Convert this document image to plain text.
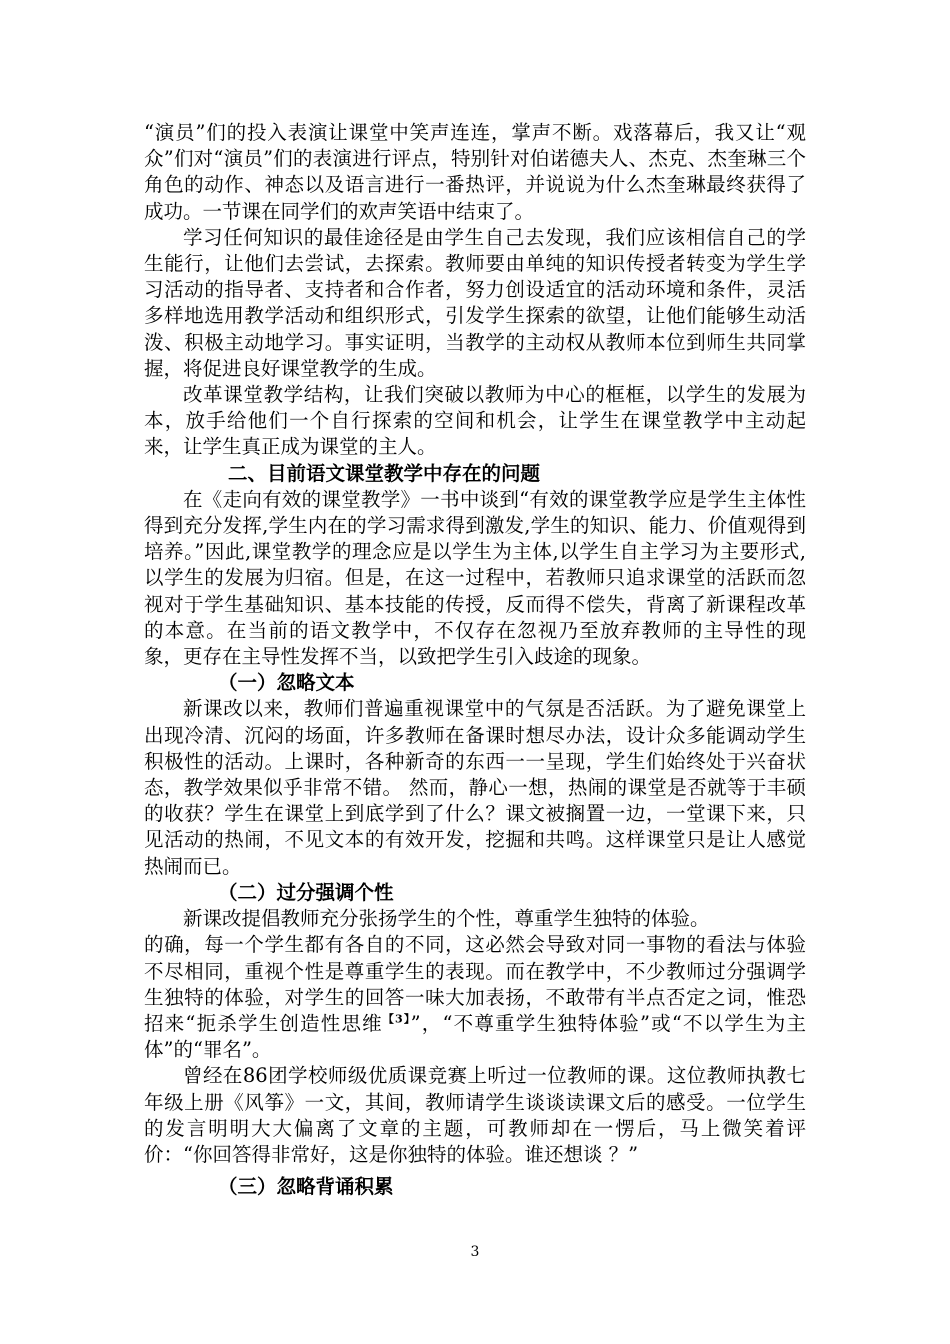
“演员”们的投入表演让课堂中笑声连连，掌声不断。戏落幕后，我又让“观众”们对“演员”们的表演进行评点，特别针对伯诺德夫人、杰克、杰奎琳三个角色的动作、神态以及语言进行一番热评，并说说为什么杰奎琳最终获得了成功。一节课在同学们的欢声笑语中结束了。

学习任何知识的最佳途径是由学生自己去发现，我们应该相信自己的学生能行，让他们去尝试，去探索。教师要由单纯的知识传授者转变为学生学习活动的指导者、支持者和合作者，努力创设适宜的活动环境和条件，灵活多样地选用教学活动和组织形式，引发学生探索的欲望，让他们能够生动活泼、积极主动地学习。事实证明，当教学的主动权从教师本位到师生共同掌握，将促进良好课堂教学的生成。

改革课堂教学结构，让我们突破以教师为中心的框框，以学生的发展为本，放手给他们一个自行探索的空间和机会，让学生在课堂教学中主动起来，让学生真正成为课堂的主人。

二、目前语文课堂教学中存在的问题

在《走向有效的课堂教学》一书中谈到“有效的课堂教学应是学生主体性得到充分发挥,学生内在的学习需求得到激发,学生的知识、能力、价值观得到培养。”因此,课堂教学的理念应是以学生为主体,以学生自主学习为主要形式,以学生的发展为归宿。但是，在这一过程中，若教师只追求课堂的活跃而忽视对于学生基础知识、基本技能的传授，反而得不偿失，背离了新课程改革的本意。在当前的语文教学中，不仅存在忽视乃至放弃教师的主导性的现象，更存在主导性发挥不当，以致把学生引入歧途的现象。

（一）忽略文本

新课改以来，教师们普遍重视课堂中的气氛是否活跃。为了避免课堂上出现冷清、沉闷的场面，许多教师在备课时想尽办法，设计众多能调动学生积极性的活动。上课时，各种新奇的东西一一呈现，学生们始终处于兴奋状态，教学效果似乎非常不错。 然而，静心一想，热闹的课堂是否就等于丰硕的收获？学生在课堂上到底学到了什么？课文被搁置一边，一堂课下来，只见活动的热闹，不见文本的有效开发，挖掘和共鸣。这样课堂只是让人感觉热闹而已。

（二）过分强调个性

新课改提倡教师充分张扬学生的个性，尊重学生独特的体验。

的确，每一个学生都有各自的不同，这必然会导致对同一事物的看法与体验不尽相同，重视个性是尊重学生的表现。而在教学中，不少教师过分强调学生独特的体验，对学生的回答一味大加表扬，不敢带有半点否定之词，惟恐招来“扼杀学生创造性思维$^{【3】}$”，“不尊重学生独特体验”或“不以学生为主体”的“罪名”。

曾经在86团学校师级优质课竞赛上听过一位教师的课。这位教师执教七年级上册《风筝》一文，其间，教师请学生谈谈读课文后的感受。一位学生的发言明明大大偏离了文章的主题，可教师却在一愣后，马上微笑着评价：“你回答得非常好，这是你独特的体验。谁还想谈 ？”

（三）忽略背诵积累

3
